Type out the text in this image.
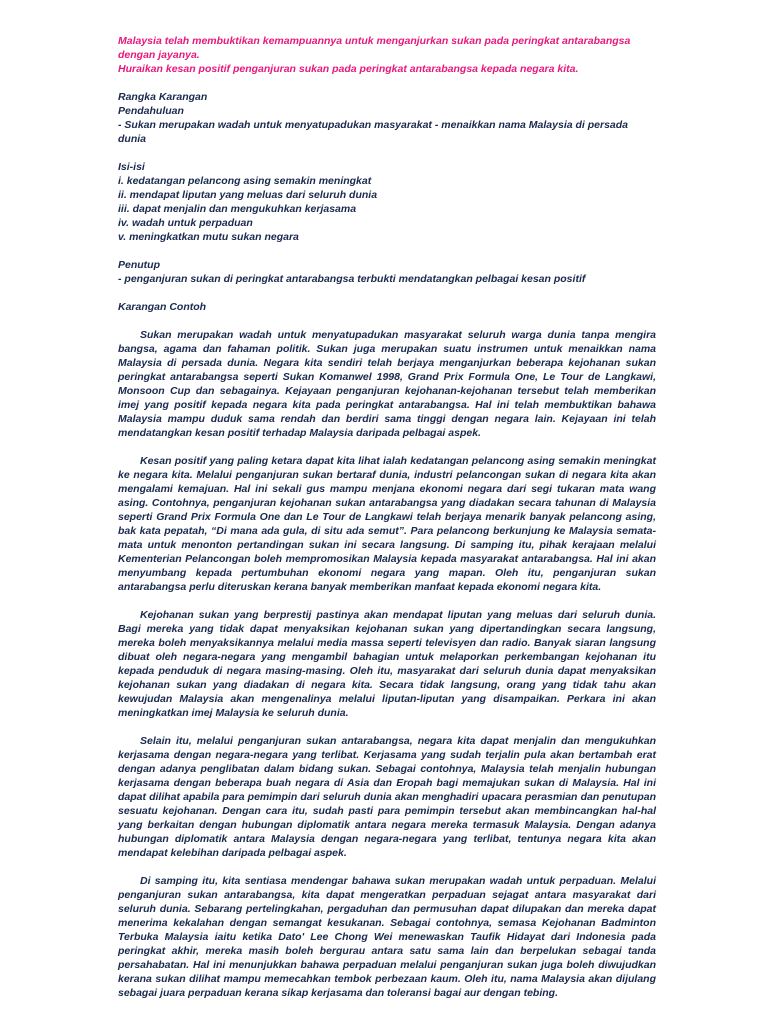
Malaysia telah membuktikan kemampuannya untuk menganjurkan sukan pada peringkat antarabangsa dengan jayanya.
Huraikan kesan positif penganjuran sukan pada peringkat antarabangsa kepada negara kita.
Rangka Karangan
Pendahuluan
- Sukan merupakan wadah untuk menyatupadukan masyarakat - menaikkan nama Malaysia di persada dunia
Isi-isi
i. kedatangan pelancong asing semakin meningkat
ii. mendapat liputan yang meluas dari seluruh dunia
iii. dapat menjalin dan mengukuhkan kerjasama
iv. wadah untuk perpaduan
v. meningkatkan mutu sukan negara
Penutup
- penganjuran sukan di peringkat antarabangsa terbukti mendatangkan pelbagai kesan positif
Karangan Contoh

Sukan merupakan wadah untuk menyatupadukan masyarakat seluruh warga dunia tanpa mengira bangsa, agama dan fahaman politik. Sukan juga merupakan suatu instrumen untuk menaikkan nama Malaysia di persada dunia. Negara kita sendiri telah berjaya menganjurkan beberapa kejohanan sukan peringkat antarabangsa seperti Sukan Komanwel 1998, Grand Prix Formula One, Le Tour de Langkawi, Monsoon Cup dan sebagainya. Kejayaan penganjuran kejohanan-kejohanan tersebut telah memberikan imej yang positif kepada negara kita pada peringkat antarabangsa. Hal ini telah membuktikan bahawa Malaysia mampu duduk sama rendah dan berdiri sama tinggi dengan negara lain. Kejayaan ini telah mendatangkan kesan positif terhadap Malaysia daripada pelbagai aspek.

Kesan positif yang paling ketara dapat kita lihat ialah kedatangan pelancong asing semakin meningkat ke negara kita. Melalui penganjuran sukan bertaraf dunia, industri pelancongan sukan di negara kita akan mengalami kemajuan. Hal ini sekali gus mampu menjana ekonomi negara dari segi tukaran mata wang asing. Contohnya, penganjuran kejohanan sukan antarabangsa yang diadakan secara tahunan di Malaysia seperti Grand Prix Formula One dan Le Tour de Langkawi telah berjaya menarik banyak pelancong asing, bak kata pepatah, “Di mana ada gula, di situ ada semut”. Para pelancong berkunjung ke Malaysia semata-mata untuk menonton pertandingan sukan ini secara langsung. Di samping itu, pihak kerajaan melalui Kementerian Pelancongan boleh mempromosikan Malaysia kepada masyarakat antarabangsa. Hal ini akan menyumbang kepada pertumbuhan ekonomi negara yang mapan. Oleh itu, penganjuran sukan antarabangsa perlu diteruskan kerana banyak memberikan manfaat kepada ekonomi negara kita.

Kejohanan sukan yang berprestij pastinya akan mendapat liputan yang meluas dari seluruh dunia. Bagi mereka yang tidak dapat menyaksikan kejohanan sukan yang dipertandingkan secara langsung, mereka boleh menyaksikannya melalui media massa seperti televisyen dan radio. Banyak siaran langsung dibuat oleh negara-negara yang mengambil bahagian untuk melaporkan perkembangan kejohanan itu kepada penduduk di negara masing-masing. Oleh itu, masyarakat dari seluruh dunia dapat menyaksikan kejohanan sukan yang diadakan di negara kita. Secara tidak langsung, orang yang tidak tahu akan kewujudan Malaysia akan mengenalinya melalui liputan-liputan yang disampaikan. Perkara ini akan meningkatkan imej Malaysia ke seluruh dunia.

Selain itu, melalui penganjuran sukan antarabangsa, negara kita dapat menjalin dan mengukuhkan kerjasama dengan negara-negara yang terlibat. Kerjasama yang sudah terjalin pula akan bertambah erat dengan adanya penglibatan dalam bidang sukan. Sebagai contohnya, Malaysia telah menjalin hubungan kerjasama dengan beberapa buah negara di Asia dan Eropah bagi memajukan sukan di Malaysia. Hal ini dapat dilihat apabila para pemimpin dari seluruh dunia akan menghadiri upacara perasmian dan penutupan sesuatu kejohanan. Dengan cara itu, sudah pasti para pemimpin tersebut akan membincangkan hal-hal yang berkaitan dengan hubungan diplomatik antara negara mereka termasuk Malaysia. Dengan adanya hubungan diplomatik antara Malaysia dengan negara-negara yang terlibat, tentunya negara kita akan mendapat kelebihan daripada pelbagai aspek.

Di samping itu, kita sentiasa mendengar bahawa sukan merupakan wadah untuk perpaduan. Melalui penganjuran sukan antarabangsa, kita dapat mengeratkan perpaduan sejagat antara masyarakat dari seluruh dunia. Sebarang pertelingkahan, pergaduhan dan permusuhan dapat dilupakan dan mereka dapat menerima kekalahan dengan semangat kesukanan. Sebagai contohnya, semasa Kejohanan Badminton Terbuka Malaysia iaitu ketika Dato' Lee Chong Wei menewaskan Taufik Hidayat dari Indonesia pada peringkat akhir, mereka masih boleh bergurau antara satu sama lain dan berpelukan sebagai tanda persahabatan. Hal ini menunjukkan bahawa perpaduan melalui penganjuran sukan juga boleh diwujudkan kerana sukan dilihat mampu memecahkan tembok perbezaan kaum. Oleh itu, nama Malaysia akan dijulang sebagai juara perpaduan kerana sikap kerjasama dan toleransi bagai aur dengan tebing.
